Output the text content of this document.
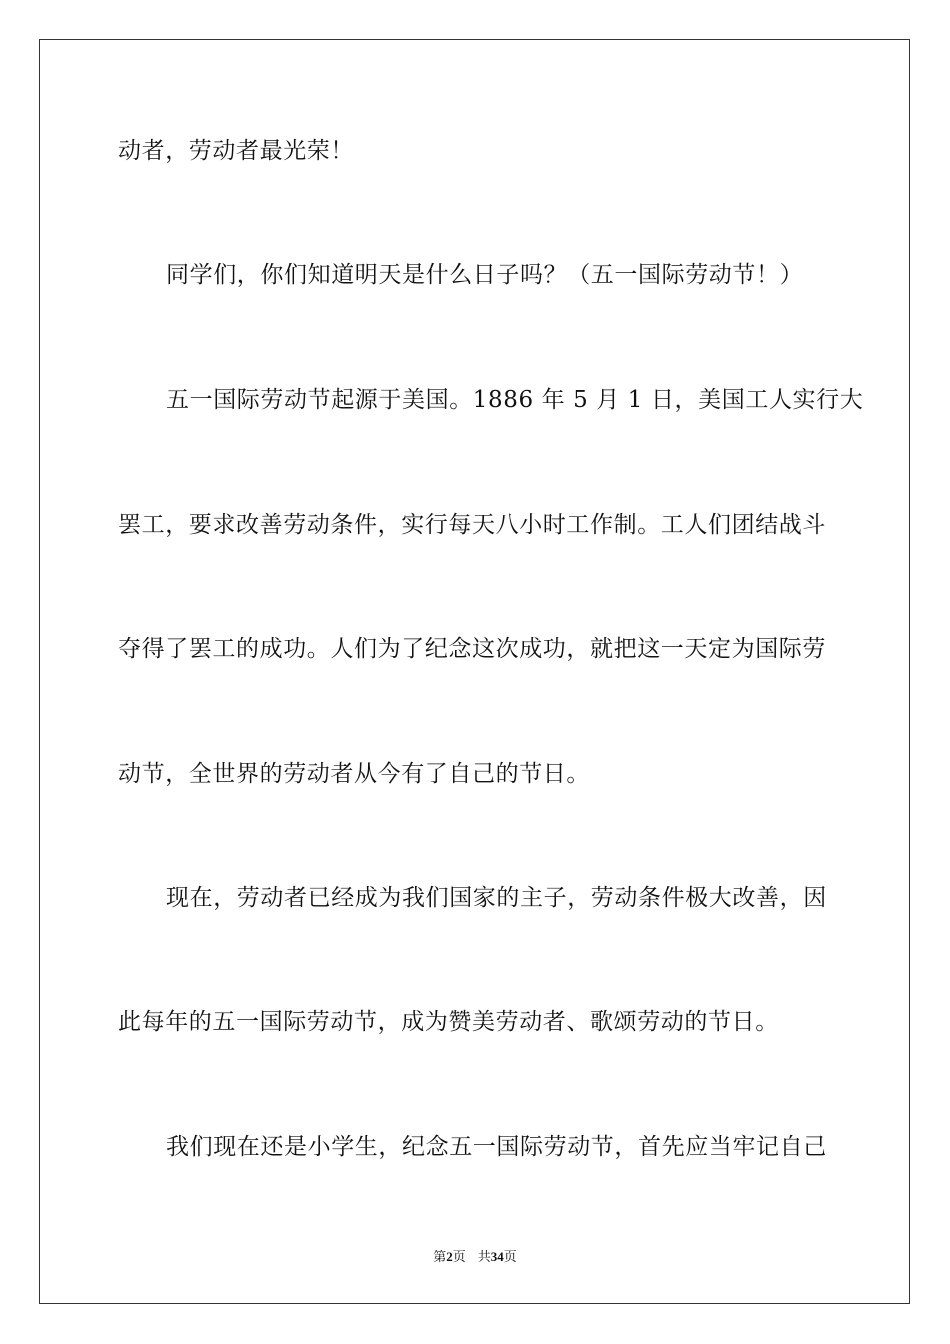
动者，劳动者最光荣！
同学们，你们知道明天是什么日子吗？（五一国际劳动节！）
五一国际劳动节起源于美国。1886 年 5 月 1 日，美国工人实行大
罢工，要求改善劳动条件，实行每天八小时工作制。工人们团结战斗
夺得了罢工的成功。人们为了纪念这次成功，就把这一天定为国际劳
动节，全世界的劳动者从今有了自己的节日。
现在，劳动者已经成为我们国家的主子，劳动条件极大改善，因
此每年的五一国际劳动节，成为赞美劳动者、歌颂劳动的节日。
我们现在还是小学生，纪念五一国际劳动节，首先应当牢记自己
第2页 共34页
